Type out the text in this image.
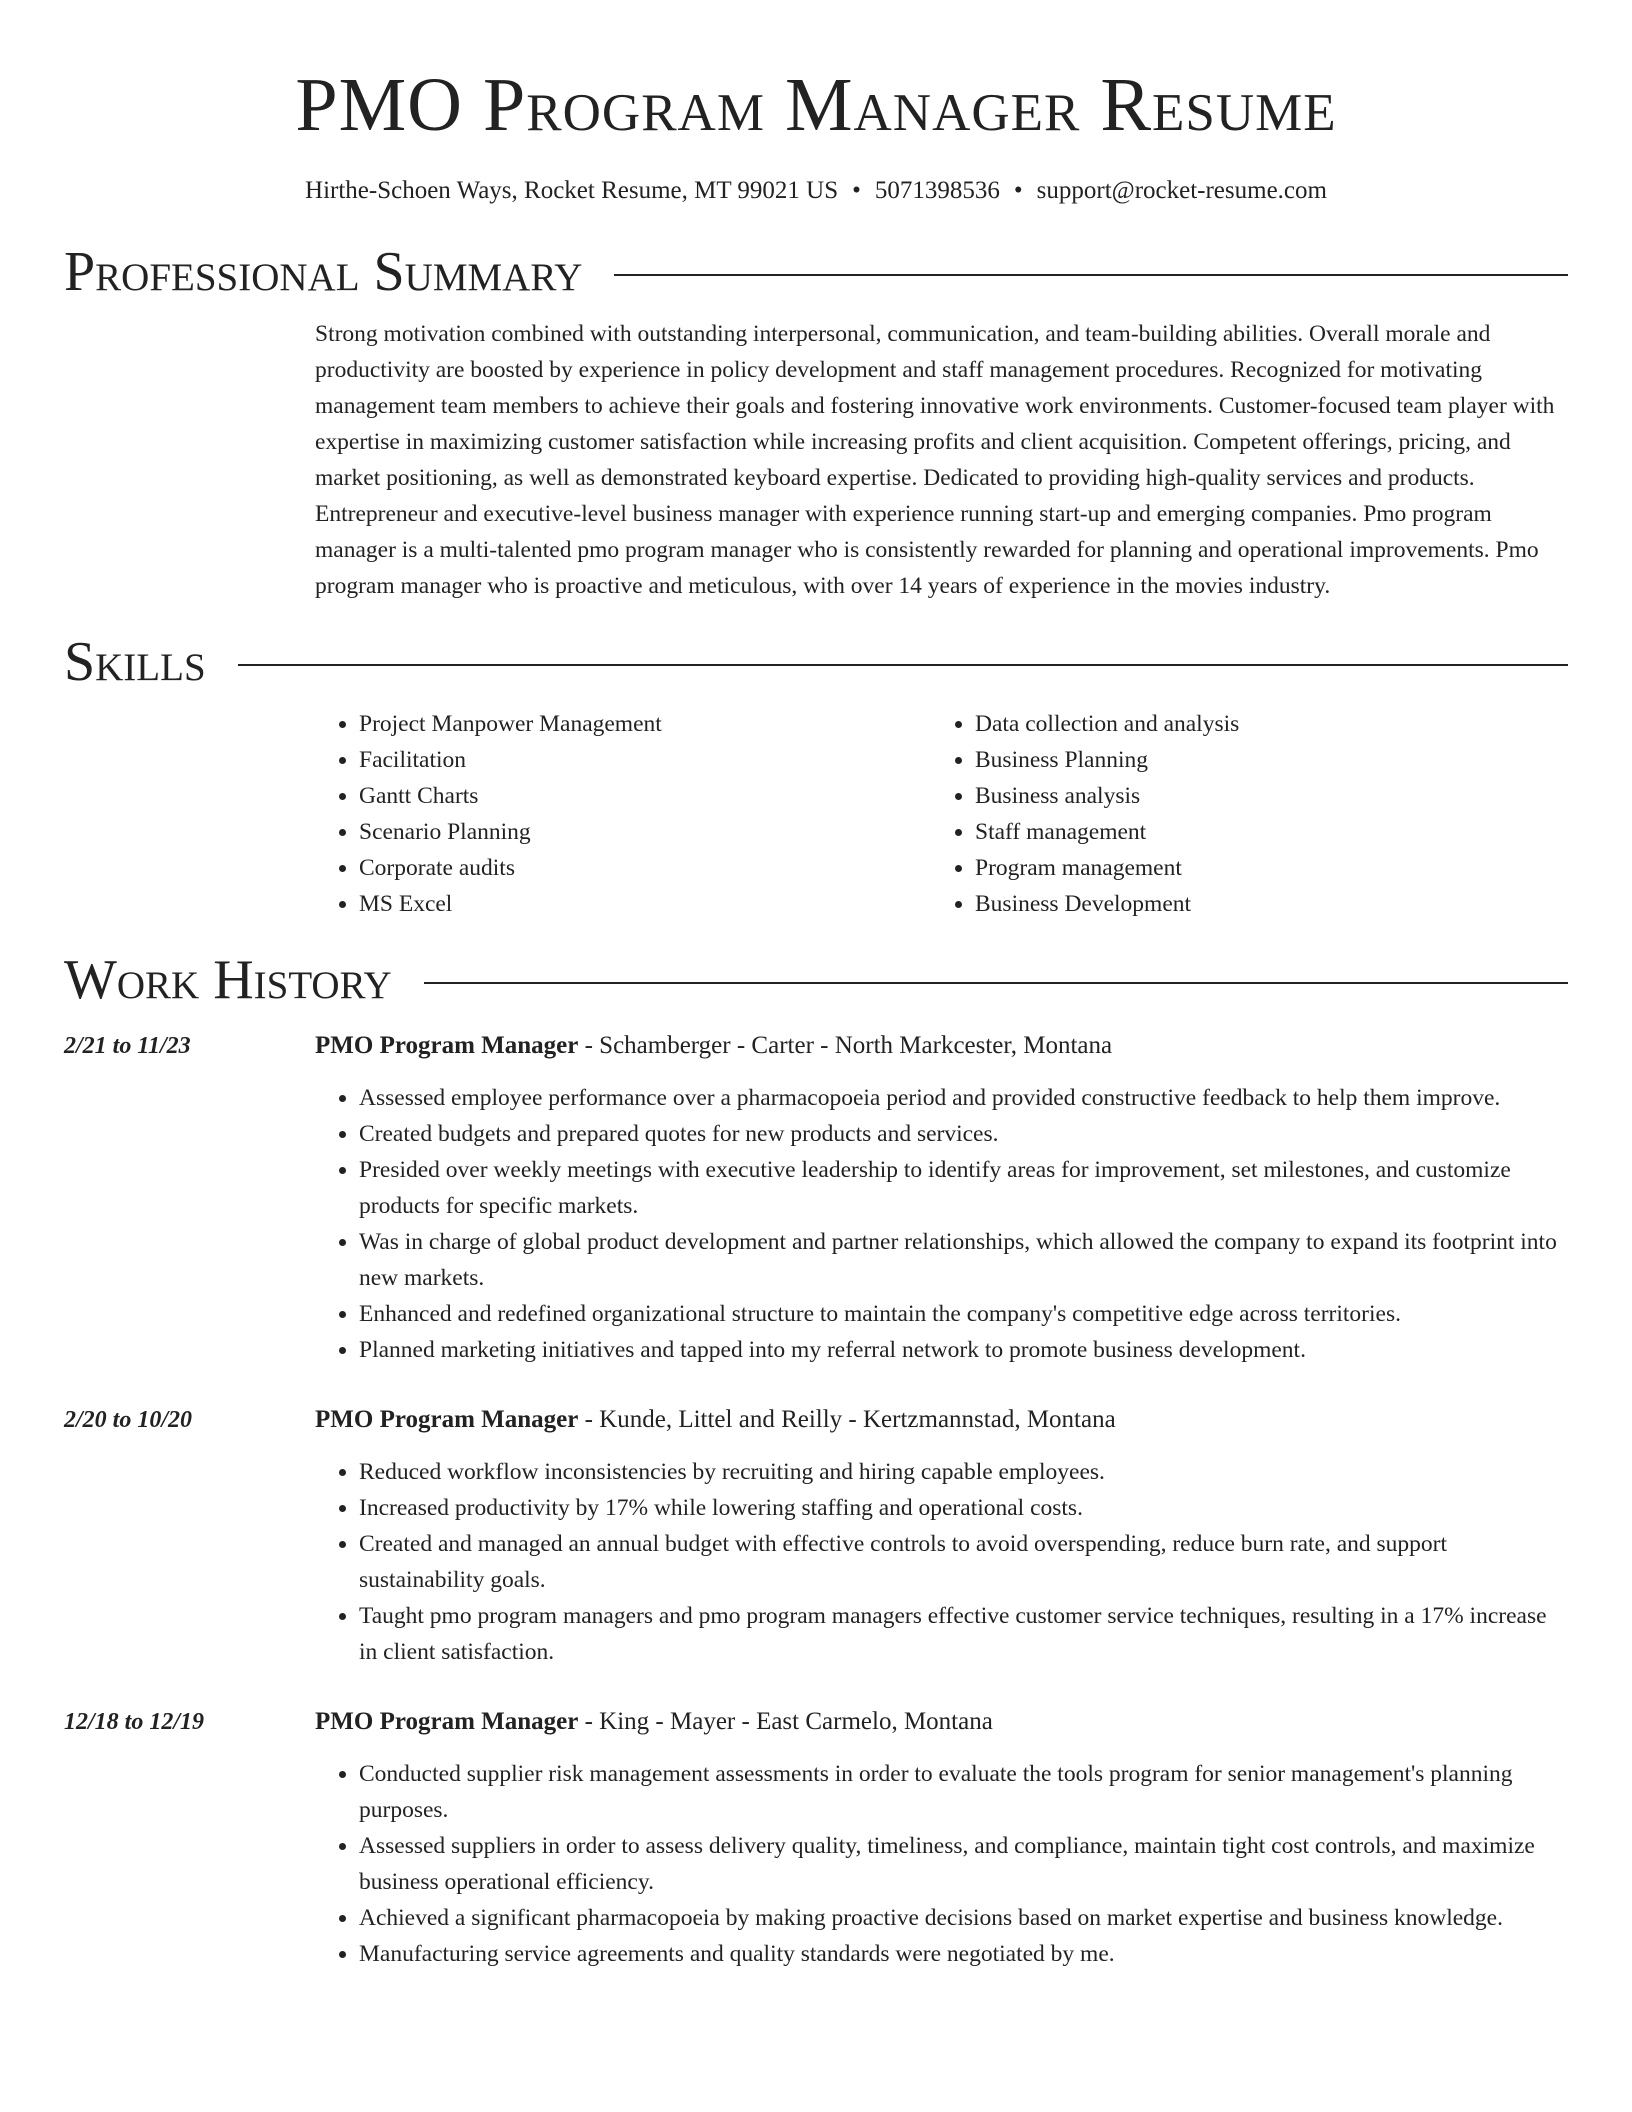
PMO Program Manager Resume
Hirthe-Schoen Ways, Rocket Resume, MT 99021 US • 5071398536 • support@rocket-resume.com
Professional Summary

Strong motivation combined with outstanding interpersonal, communication, and team-building abilities. Overall morale and productivity are boosted by experience in policy development and staff management procedures. Recognized for motivating management team members to achieve their goals and fostering innovative work environments. Customer-focused team player with expertise in maximizing customer satisfaction while increasing profits and client acquisition. Competent offerings, pricing, and market positioning, as well as demonstrated keyboard expertise. Dedicated to providing high-quality services and products. Entrepreneur and executive-level business manager with experience running start-up and emerging companies. Pmo program manager is a multi-talented pmo program manager who is consistently rewarded for planning and operational improvements. Pmo program manager who is proactive and meticulous, with over 14 years of experience in the movies industry.

Skills
• Project Manpower Management
• Facilitation
• Gantt Charts
• Scenario Planning
• Corporate audits
• MS Excel
• Data collection and analysis
• Business Planning
• Business analysis
• Staff management
• Program management
• Business Development
Work History
2/21 to 11/23	PMO Program Manager - Schamberger - Carter - North Markcester, Montana
• Assessed employee performance over a pharmacopoeia period and provided constructive feedback to help them improve.
• Created budgets and prepared quotes for new products and services.
• Presided over weekly meetings with executive leadership to identify areas for improvement, set milestones, and customize products for specific markets.
• Was in charge of global product development and partner relationships, which allowed the company to expand its footprint into new markets.
• Enhanced and redefined organizational structure to maintain the company's competitive edge across territories.
• Planned marketing initiatives and tapped into my referral network to promote business development.
2/20 to 10/20	PMO Program Manager - Kunde, Littel and Reilly - Kertzmannstad, Montana
• Reduced workflow inconsistencies by recruiting and hiring capable employees.
• Increased productivity by 17% while lowering staffing and operational costs.
• Created and managed an annual budget with effective controls to avoid overspending, reduce burn rate, and support sustainability goals.
• Taught pmo program managers and pmo program managers effective customer service techniques, resulting in a 17% increase in client satisfaction.
12/18 to 12/19	PMO Program Manager - King - Mayer - East Carmelo, Montana
• Conducted supplier risk management assessments in order to evaluate the tools program for senior management's planning purposes.
• Assessed suppliers in order to assess delivery quality, timeliness, and compliance, maintain tight cost controls, and maximize business operational efficiency.
• Achieved a significant pharmacopoeia by making proactive decisions based on market expertise and business knowledge.
• Manufacturing service agreements and quality standards were negotiated by me.
